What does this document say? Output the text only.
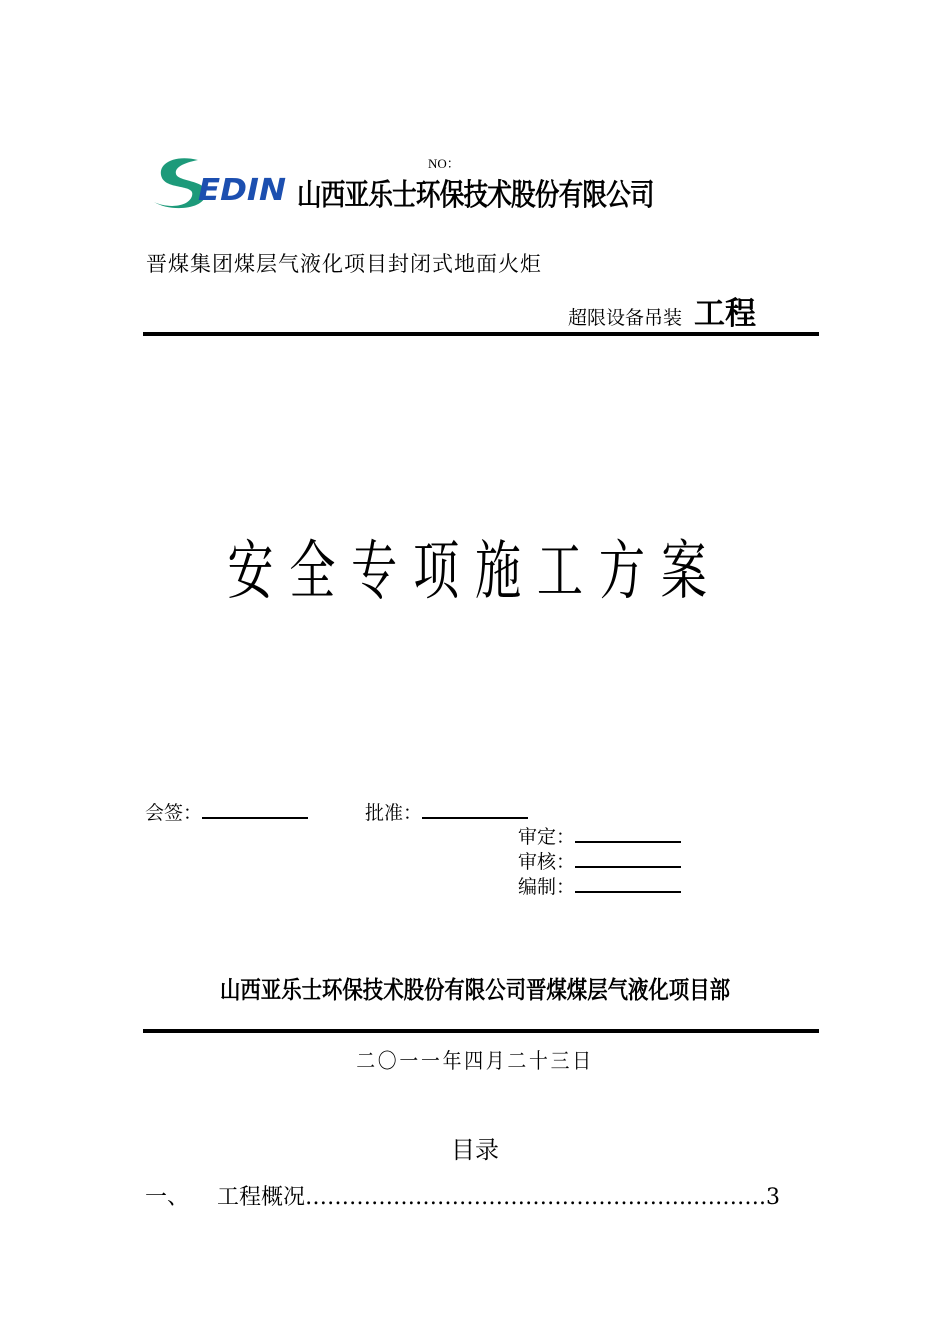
EDIN
NO：
山西亚乐士环保技术股份有限公司
晋煤集团煤层气液化项目封闭式地面火炬
超限设备吊装 工程
安全专项施工方案
会签：	批准：
审定：
审核：
编制：
山西亚乐士环保技术股份有限公司晋煤煤层气液化项目部
二〇一一年四月二十三日
目录
一、 工程概况……………………………………………..……….3
